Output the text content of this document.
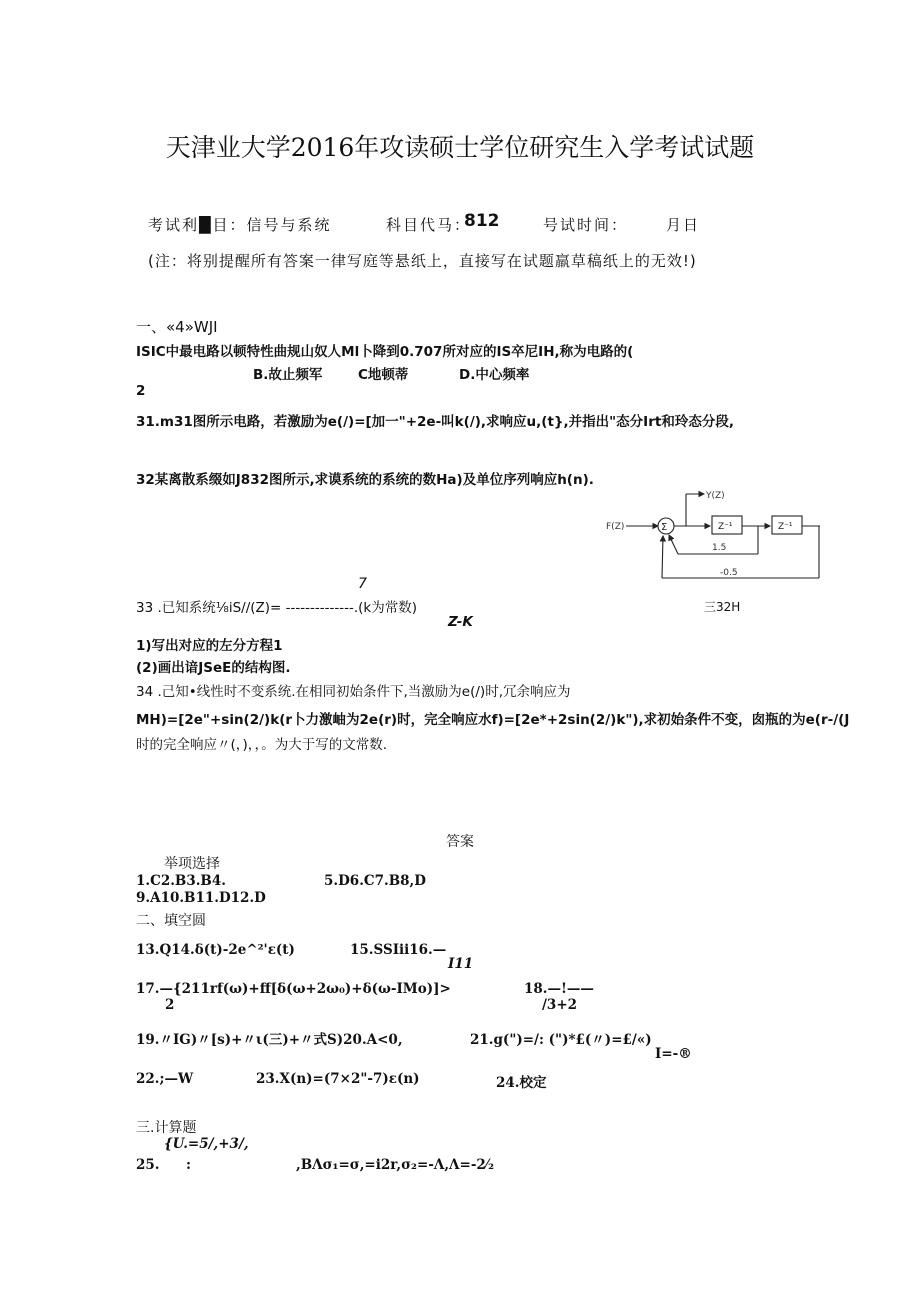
天津业大学2016年攻读硕士学位研究生入学考试试题
考试利█目：信号与系统	科目代马：
812	号试时间：	月日
(注：将别提醒所有答案一律写庭等悬纸上，直接写在试题羸草稿纸上的无效!)
一、«4»WJI
ISIC中最电路以顿特性曲规山奴人Ml卜降到0.707所对应的IS卒尼IH,称为电路的(
B.故止频军	C地顿蒂	D.中心频率
2
31.m31图所示电路，若激励为e(/)=[加一"+2e-叫k(/),求响应u,(t},并指出"态分Irt和玲态分段,
32某离散系缀如J832图所示,求谟系统的系统的数Ha)及单位序列响应h(n).
F(Z)	Σ
Y(Z)
Z⁻¹	Z⁻¹
1.5
-0.5
7
33 .已知系统⅛iS//(Z)= --------------.(k为常数)	三32H
Z-K
1)写出对应的左分方程1
(2)画出谙JSeE的结构图.
34 .己知•线性时不变系统.在相同初始条件下,当激励为e(/)时,冗余响应为
MH)=[2e"+sin(2/)k(r卜力激岫为2e(r)时，完全响应水f)=[2e*+2sin(2/)k"),求初始条件不变，囱瓶的为e(r-/(J
时的完全响应〃(，)，，。为大于写的文常数.
答案
举项选择
1.C2.B3.B4.	5.D6.C7.B8,D
9.A10.B11.D12.D
二、填空圆
13.Q14.δ(t)-2e^²'ε(t)	15.SSIii16.—
I11
17.—{211rf(ω)+ff[δ(ω+2ω₀)+δ(ω-IMo)]>
2
18.—!——
/3+2
19.〃IG)〃[s)+〃ι(三)+〃式S)20.A<0,	21.g(")=/: (")*£(〃)=£/«)
I=-®
22.;—W	23.X(n)=(7×2"-7)ε(n)	24.校定
三.计算题
{U.=5/,+3/,
25. :	,BΛσ₁=σ,=i2r,σ₂=-Λ,Λ=-2⁄₂
